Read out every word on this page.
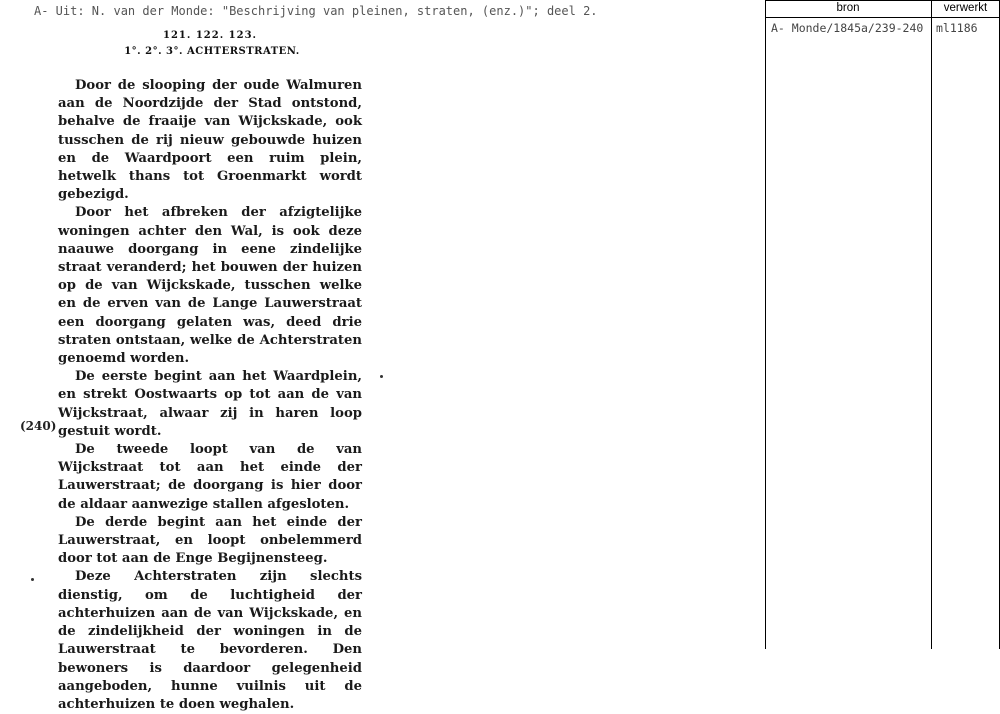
A- Uit: N. van der Monde: "Beschrijving van pleinen, straten, (enz.)"; deel 2.
121. 122. 123.
1°. 2°. 3°. ACHTERSTRATEN.

Door de slooping der oude Walmuren aan de Noordzijde der Stad ontstond, behalve de fraaije van Wijckskade, ook tusschen de rij nieuw gebouwde huizen en de Waardpoort een ruim plein, hetwelk thans tot Groenmarkt wordt gebezigd.

Door het afbreken der afzigtelijke woningen achter den Wal, is ook deze naauwe doorgang in eene zindelijke straat veranderd; het bouwen der huizen op de van Wijckskade, tusschen welke en de erven van de Lange Lauwerstraat een doorgang gelaten was, deed drie straten ontstaan, welke de Achterstraten genoemd worden.

De eerste begint aan het Waardplein, en strekt Oostwaarts op tot aan de van Wijckstraat, alwaar zij in haren loop gestuit wordt.

De tweede loopt van de van Wijckstraat tot aan het einde der Lauwerstraat; de doorgang is hier door de aldaar aanwezige stallen afgesloten.

De derde begint aan het einde der Lauwerstraat, en loopt onbelemmerd door tot aan de Enge Begijnensteeg.

Deze Achterstraten zijn slechts dienstig, om de luchtigheid der achterhuizen aan de van Wijckskade, en de zindelijkheid der woningen in de Lauwerstraat te bevorderen. Den bewoners is daardoor gelegenheid aangeboden, hunne vuilnis uit de achterhuizen te doen weghalen.

(240)
bron	verwerkt
A- Monde/1845a/239-240 ml1186
